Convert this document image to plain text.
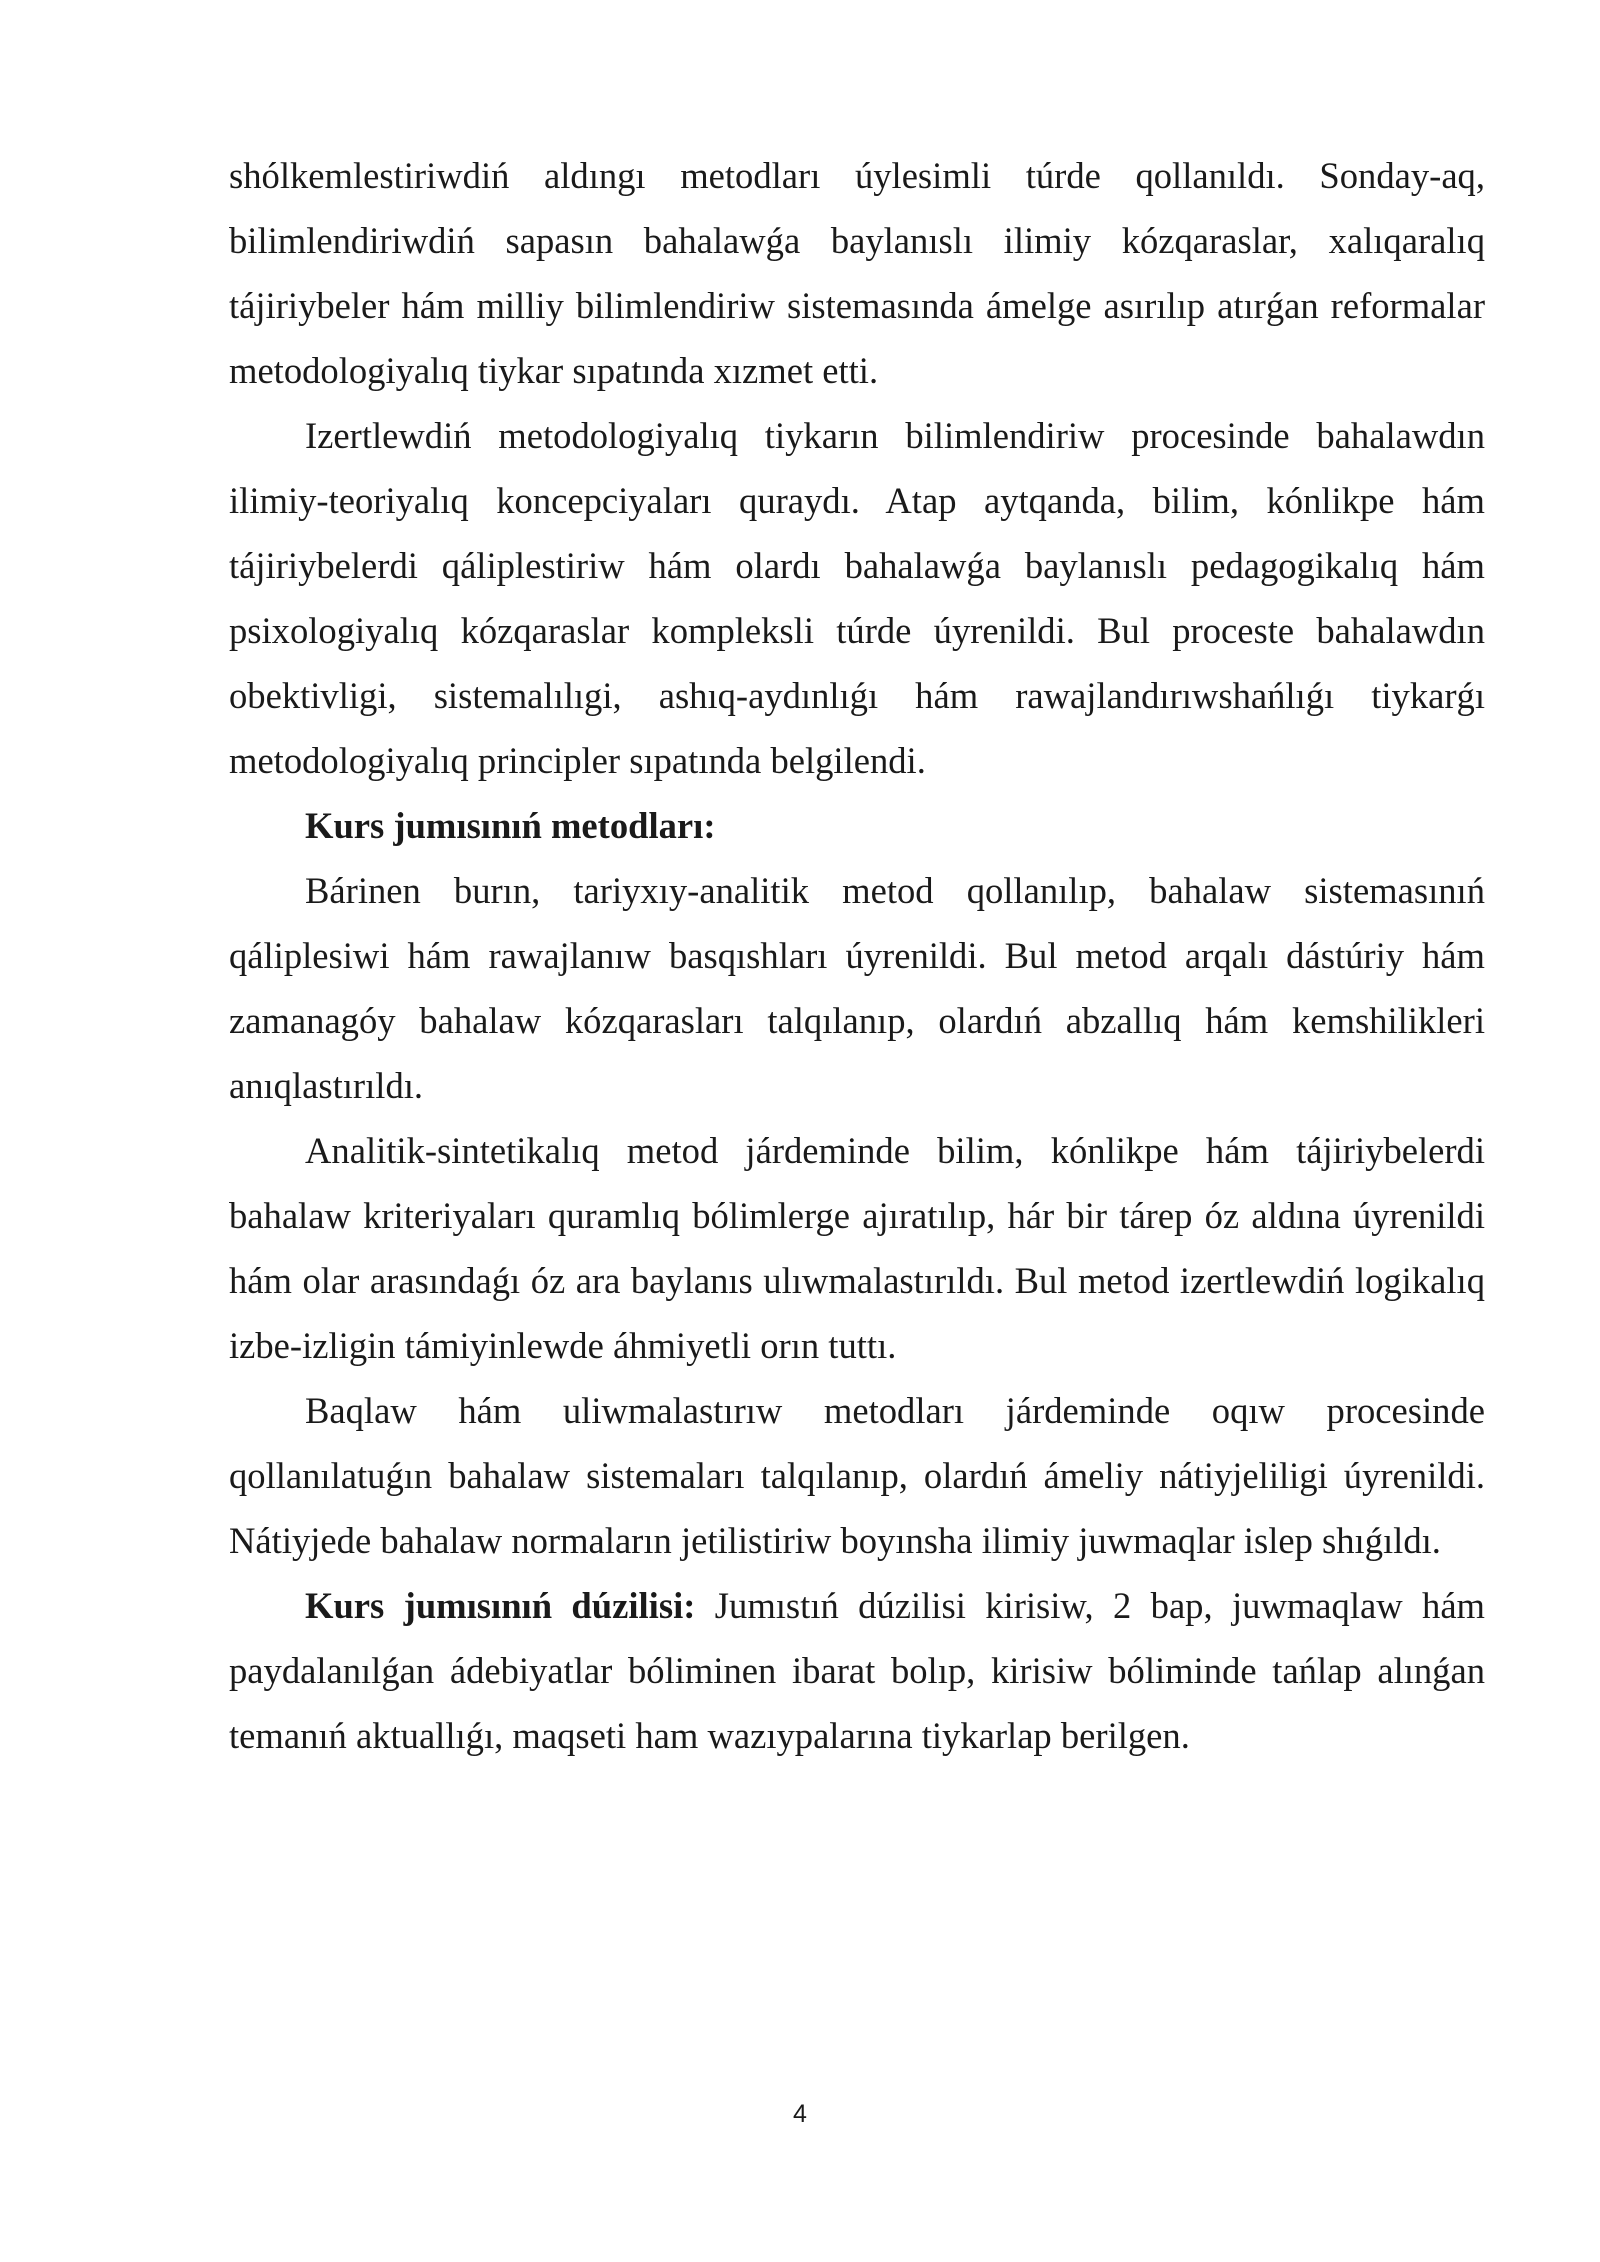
shólkemlestiriwdiń aldıngı metodları úylesimli túrde qollanıldı. Sonday-aq, bilimlendiriwdiń sapasın bahalawǵa baylanıslı ilimiy kózqaraslar, xalıqaralıq tájiriybeler hám milliy bilimlendiriw sistemasında ámelge asırılıp atırǵan reformalar metodologiyalıq tiykar sıpatında xızmet etti.

Izertlewdiń metodologiyalıq tiykarın bilimlendiriw procesinde bahalawdın ilimiy-teoriyalıq koncepciyaları quraydı. Atap aytqanda, bilim, kónlikpe hám tájiriybelerdi qáliplestiriw hám olardı bahalawǵa baylanıslı pedagogikalıq hám psixologiyalıq kózqaraslar kompleksli túrde úyrenildi. Bul proceste bahalawdın obektivligi, sistemalılıgi, ashıq-aydınlıǵı hám rawajlandırıwshańlıǵı tiykarǵı metodologiyalıq principler sıpatında belgilendi.

Kurs jumısınıń metodları:

Bárinen burın, tariyxıy-analitik metod qollanılıp, bahalaw sistemasınıń qáliplesiwi hám rawajlanıw basqıshları úyrenildi. Bul metod arqalı dástúriy hám zamanagóy bahalaw kózqarasları talqılanıp, olardıń abzallıq hám kemshilikleri anıqlastırıldı.

Analitik-sintetikalıq metod járdeminde bilim, kónlikpe hám tájiriybelerdi bahalaw kriteriyaları quramlıq bólimlerge ajıratılıp, hár bir tárep óz aldına úyrenildi hám olar arasındaǵı óz ara baylanıs ulıwmalastırıldı. Bul metod izertlewdiń logikalıq izbe-izligin támiyinlewde áhmiyetli orın tuttı.

Baqlaw hám uliwmalastırıw metodları járdeminde oqıw procesinde qollanılatuǵın bahalaw sistemaları talqılanıp, olardıń ámeliy nátiyjeliligi úyrenildi. Nátiyjede bahalaw normaların jetilistiriw boyınsha ilimiy juwmaqlar islep shıǵıldı.

Kurs jumısınıń dúzilisi: Jumıstıń dúzilisi kirisiw, 2 bap, juwmaqlaw hám paydalanılǵan ádebiyatlar bóliminen ibarat bolıp, kirisiw bóliminde tańlap alınǵan temanıń aktuallıǵı, maqseti ham wazıypalarına tiykarlap berilgen.

4
